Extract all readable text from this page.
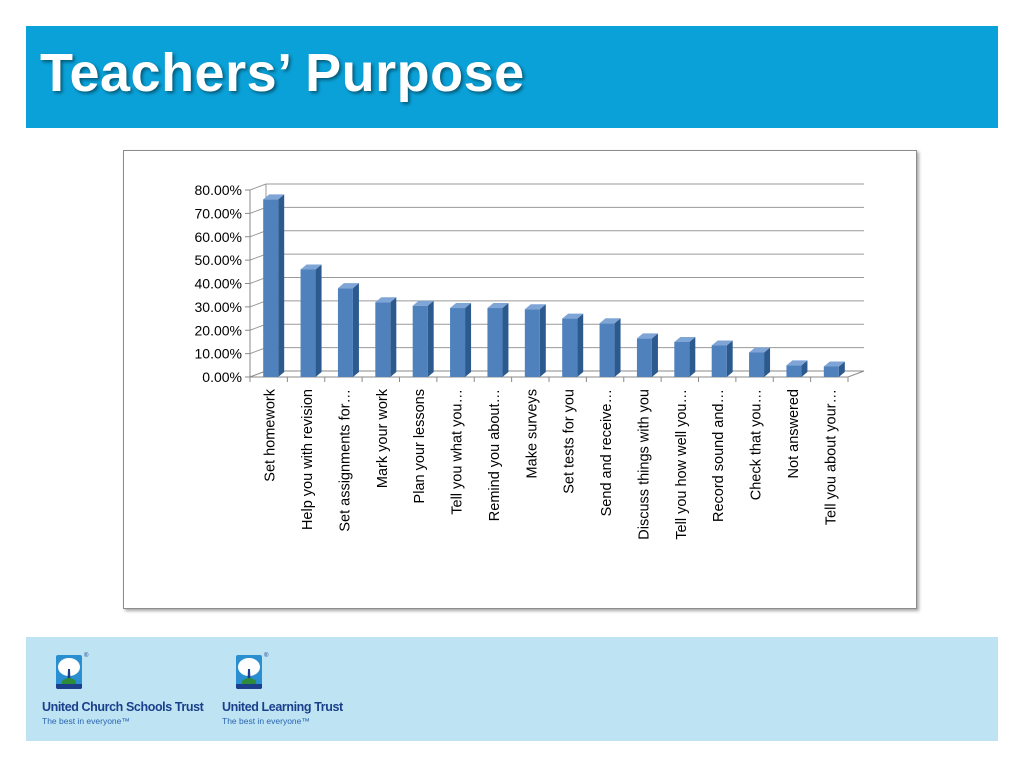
Teachers’ Purpose
0.00%
10.00%
20.00%
30.00%
40.00%
50.00%
60.00%
70.00%
80.00%
Set homework Help you with revision Set assignments for… Mark your work Plan your lessons Tell you what you… Remind you about… Make surveys Set tests for you Send and receive… Discuss things with you Tell you how well you… Record sound and… Check that you… Not answered Tell you about your…
®
United Church Schools Trust
The best in everyone™
®
United Learning Trust
The best in everyone™
